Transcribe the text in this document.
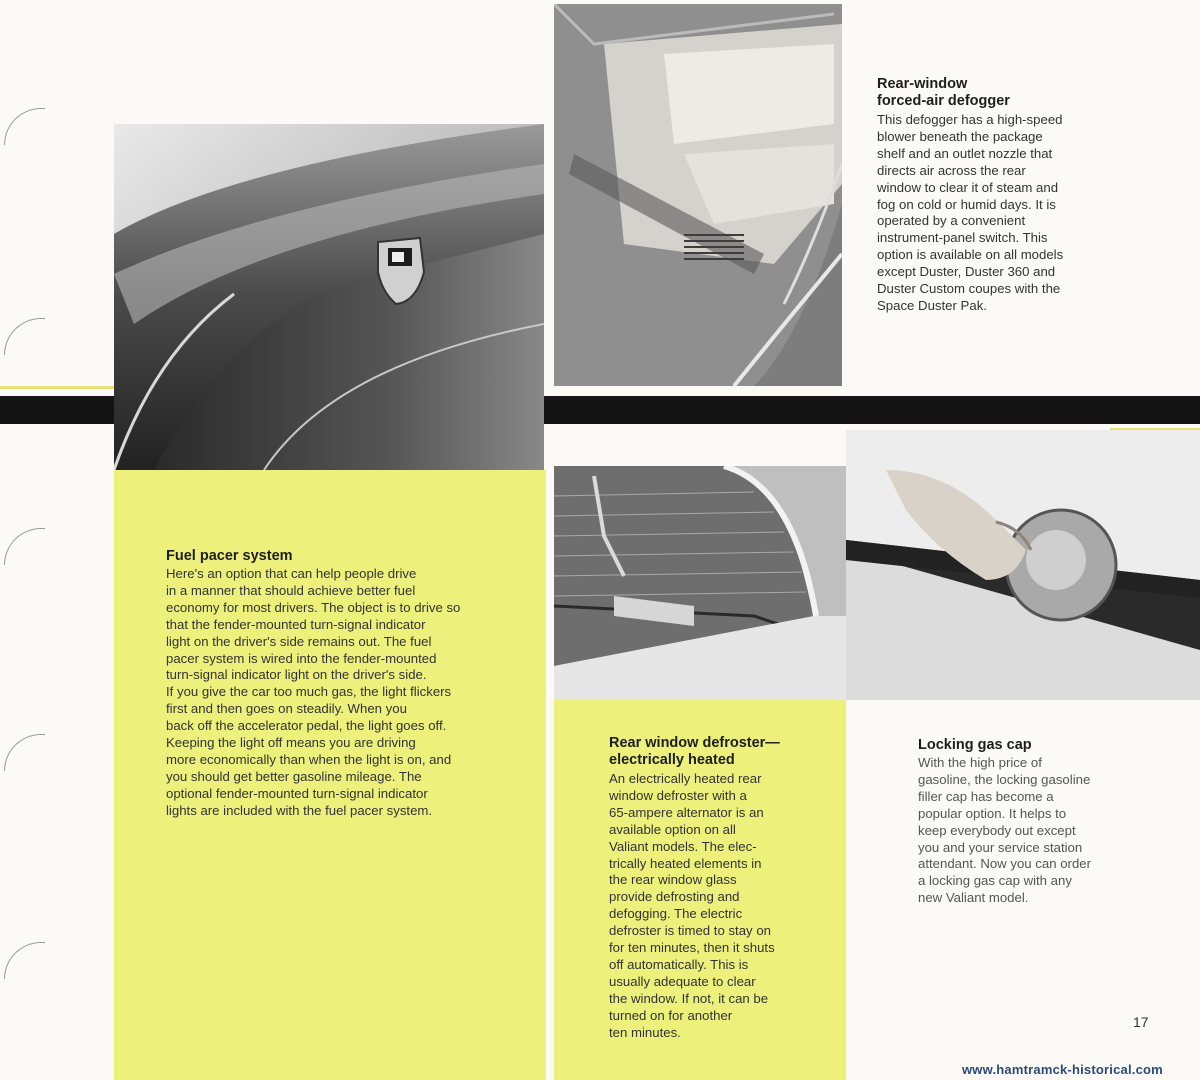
Rear-window
forced-air defogger
This defogger has a high-speed
blower beneath the package
shelf and an outlet nozzle that
directs air across the rear
window to clear it of steam and
fog on cold or humid days. It is
operated by a convenient
instrument-panel switch. This
option is available on all models
except Duster, Duster 360 and
Duster Custom coupes with the
Space Duster Pak.
Fuel pacer system
Here's an option that can help people drive
in a manner that should achieve better fuel
economy for most drivers. The object is to drive so
that the fender-mounted turn-signal indicator
light on the driver's side remains out. The fuel
pacer system is wired into the fender-mounted
turn-signal indicator light on the driver's side.
If you give the car too much gas, the light flickers
first and then goes on steadily. When you
back off the accelerator pedal, the light goes off.
Keeping the light off means you are driving
more economically than when the light is on, and
you should get better gasoline mileage. The
optional fender-mounted turn-signal indicator
lights are included with the fuel pacer system.
Rear window defroster—
electrically heated
An electrically heated rear
window defroster with a
65-ampere alternator is an
available option on all
Valiant models. The elec-
trically heated elements in
the rear window glass
provide defrosting and
defogging. The electric
defroster is timed to stay on
for ten minutes, then it shuts
off automatically. This is
usually adequate to clear
the window. If not, it can be
turned on for another
ten minutes.
Locking gas cap
With the high price of
gasoline, the locking gasoline
filler cap has become a
popular option. It helps to
keep everybody out except
you and your service station
attendant. Now you can order
a locking gas cap with any
new Valiant model.
17
www.hamtramck-historical.com
